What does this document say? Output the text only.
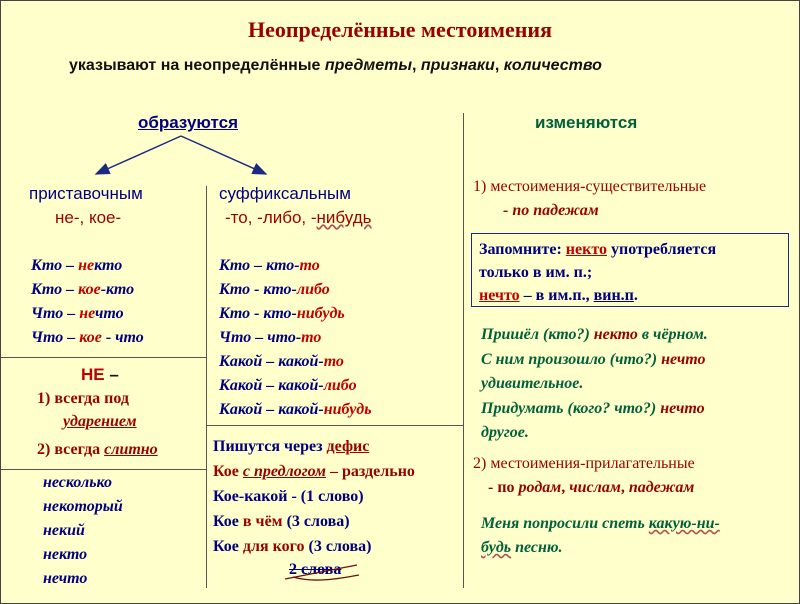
Неопределённые местоимения
указывают на неопределённые предметы, признаки, количество
образуются	изменяются
приставочным
не-, кое-
Кто – некто
Кто – кое-кто
Что – нечто
Что – кое - что
НЕ –
1) всегда под
ударением
2) всегда слитно
несколько
некоторый
некий
некто
нечто
суффиксальным
-то, -либо, -нибудь
Кто – кто-то
Кто - кто-либо
Кто - кто-нибудь
Что – что-то
Какой – какой-то
Какой – какой-либо
Какой – какой-нибудь
Пишутся через дефис
Кое с предлогом – раздельно
Кое-какой - (1 слово)
Кое в чём (3 слова)
Кое для кого (3 слова)
2 слова
1) местоимения-существительные
- по падежам
Запомните: некто употребляется
только в им. п.;
нечто – в им.п., вин.п.
Пришёл (кто?) некто в чёрном.
С ним произошло (что?) нечто
удивительное.
Придумать (кого? что?) нечто
другое.
2) местоимения-прилагательные
- по родам, числам, падежам
Меня попросили спеть какую-ни-
будь песню.
